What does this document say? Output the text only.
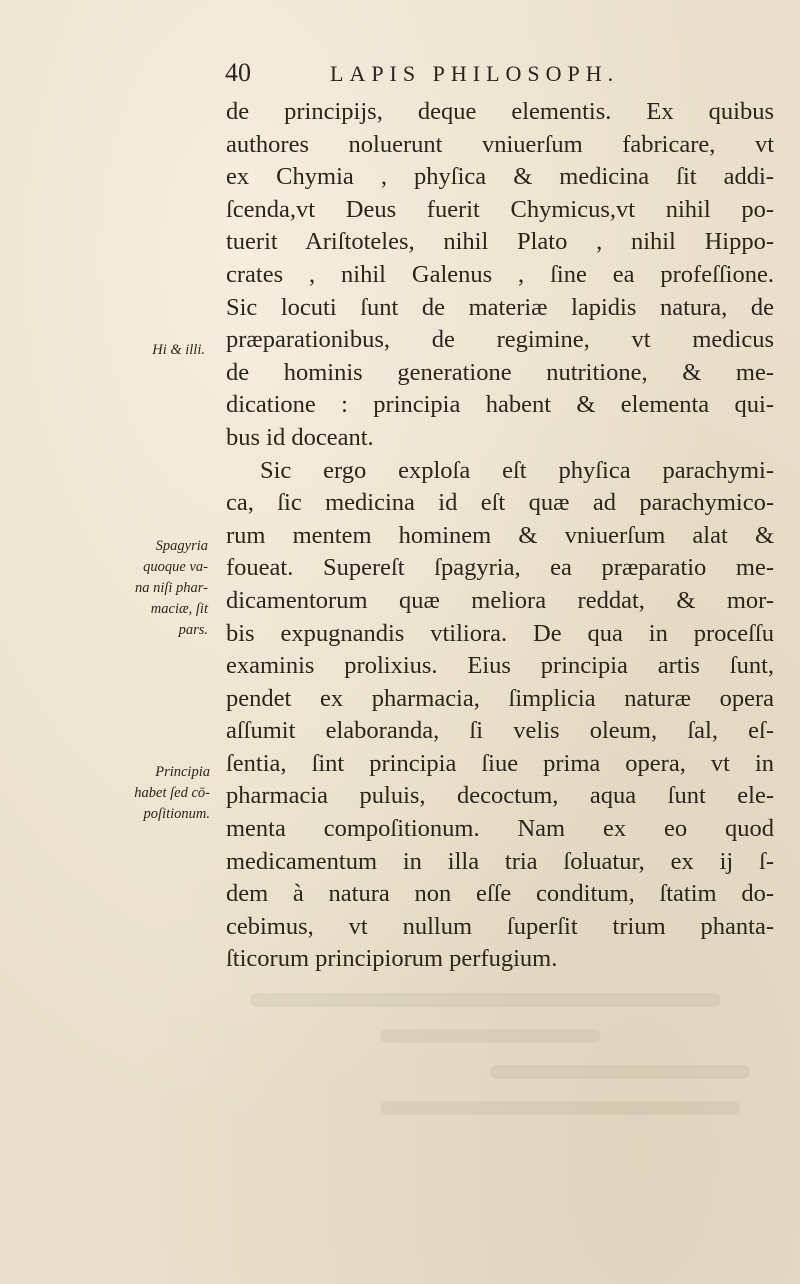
40	LAPIS PHILOSOPH.
de principijs, deque elementis. Ex quibus
authores noluerunt vniuerſum fabricare, vt
ex Chymia , phyſica & medicina ſit addi-
ſcenda,vt Deus fuerit Chymicus,vt nihil po-
tuerit Ariſtoteles, nihil Plato , nihil Hippo-
crates , nihil Galenus , ſine ea profeſſione.
Sic locuti ſunt de materiæ lapidis natura, de
præparationibus, de regimine, vt medicus
de hominis generatione nutritione, & me-
dicatione : principia habent & elementa qui-
bus id doceant.
Sic ergo exploſa eſt phyſica parachymi-
ca, ſic medicina id eſt quæ ad parachymico-
rum mentem hominem & vniuerſum alat &
foueat. Supereſt ſpagyria, ea præparatio me-
dicamentorum quæ meliora reddat, & mor-
bis expugnandis vtiliora. De qua in proceſſu
examinis prolixius. Eius principia artis ſunt,
pendet ex pharmacia, ſimplicia naturæ opera
aſſumit elaboranda, ſi velis oleum, ſal, eſ-
ſentia, ſint principia ſiue prima opera, vt in
pharmacia puluis, decoctum, aqua ſunt ele-
menta compoſitionum. Nam ex eo quod
medicamentum in illa tria ſoluatur, ex ij ſ-
dem à natura non eſſe conditum, ſtatim do-
cebimus, vt nullum ſuperſit trium phanta-
ſticorum principiorum perfugium.
Hi & illi.
Spagyria
quoque va-
na niſi phar-
maciæ, ſit
pars.
Principia
habet ſed cō-
poſitionum.
